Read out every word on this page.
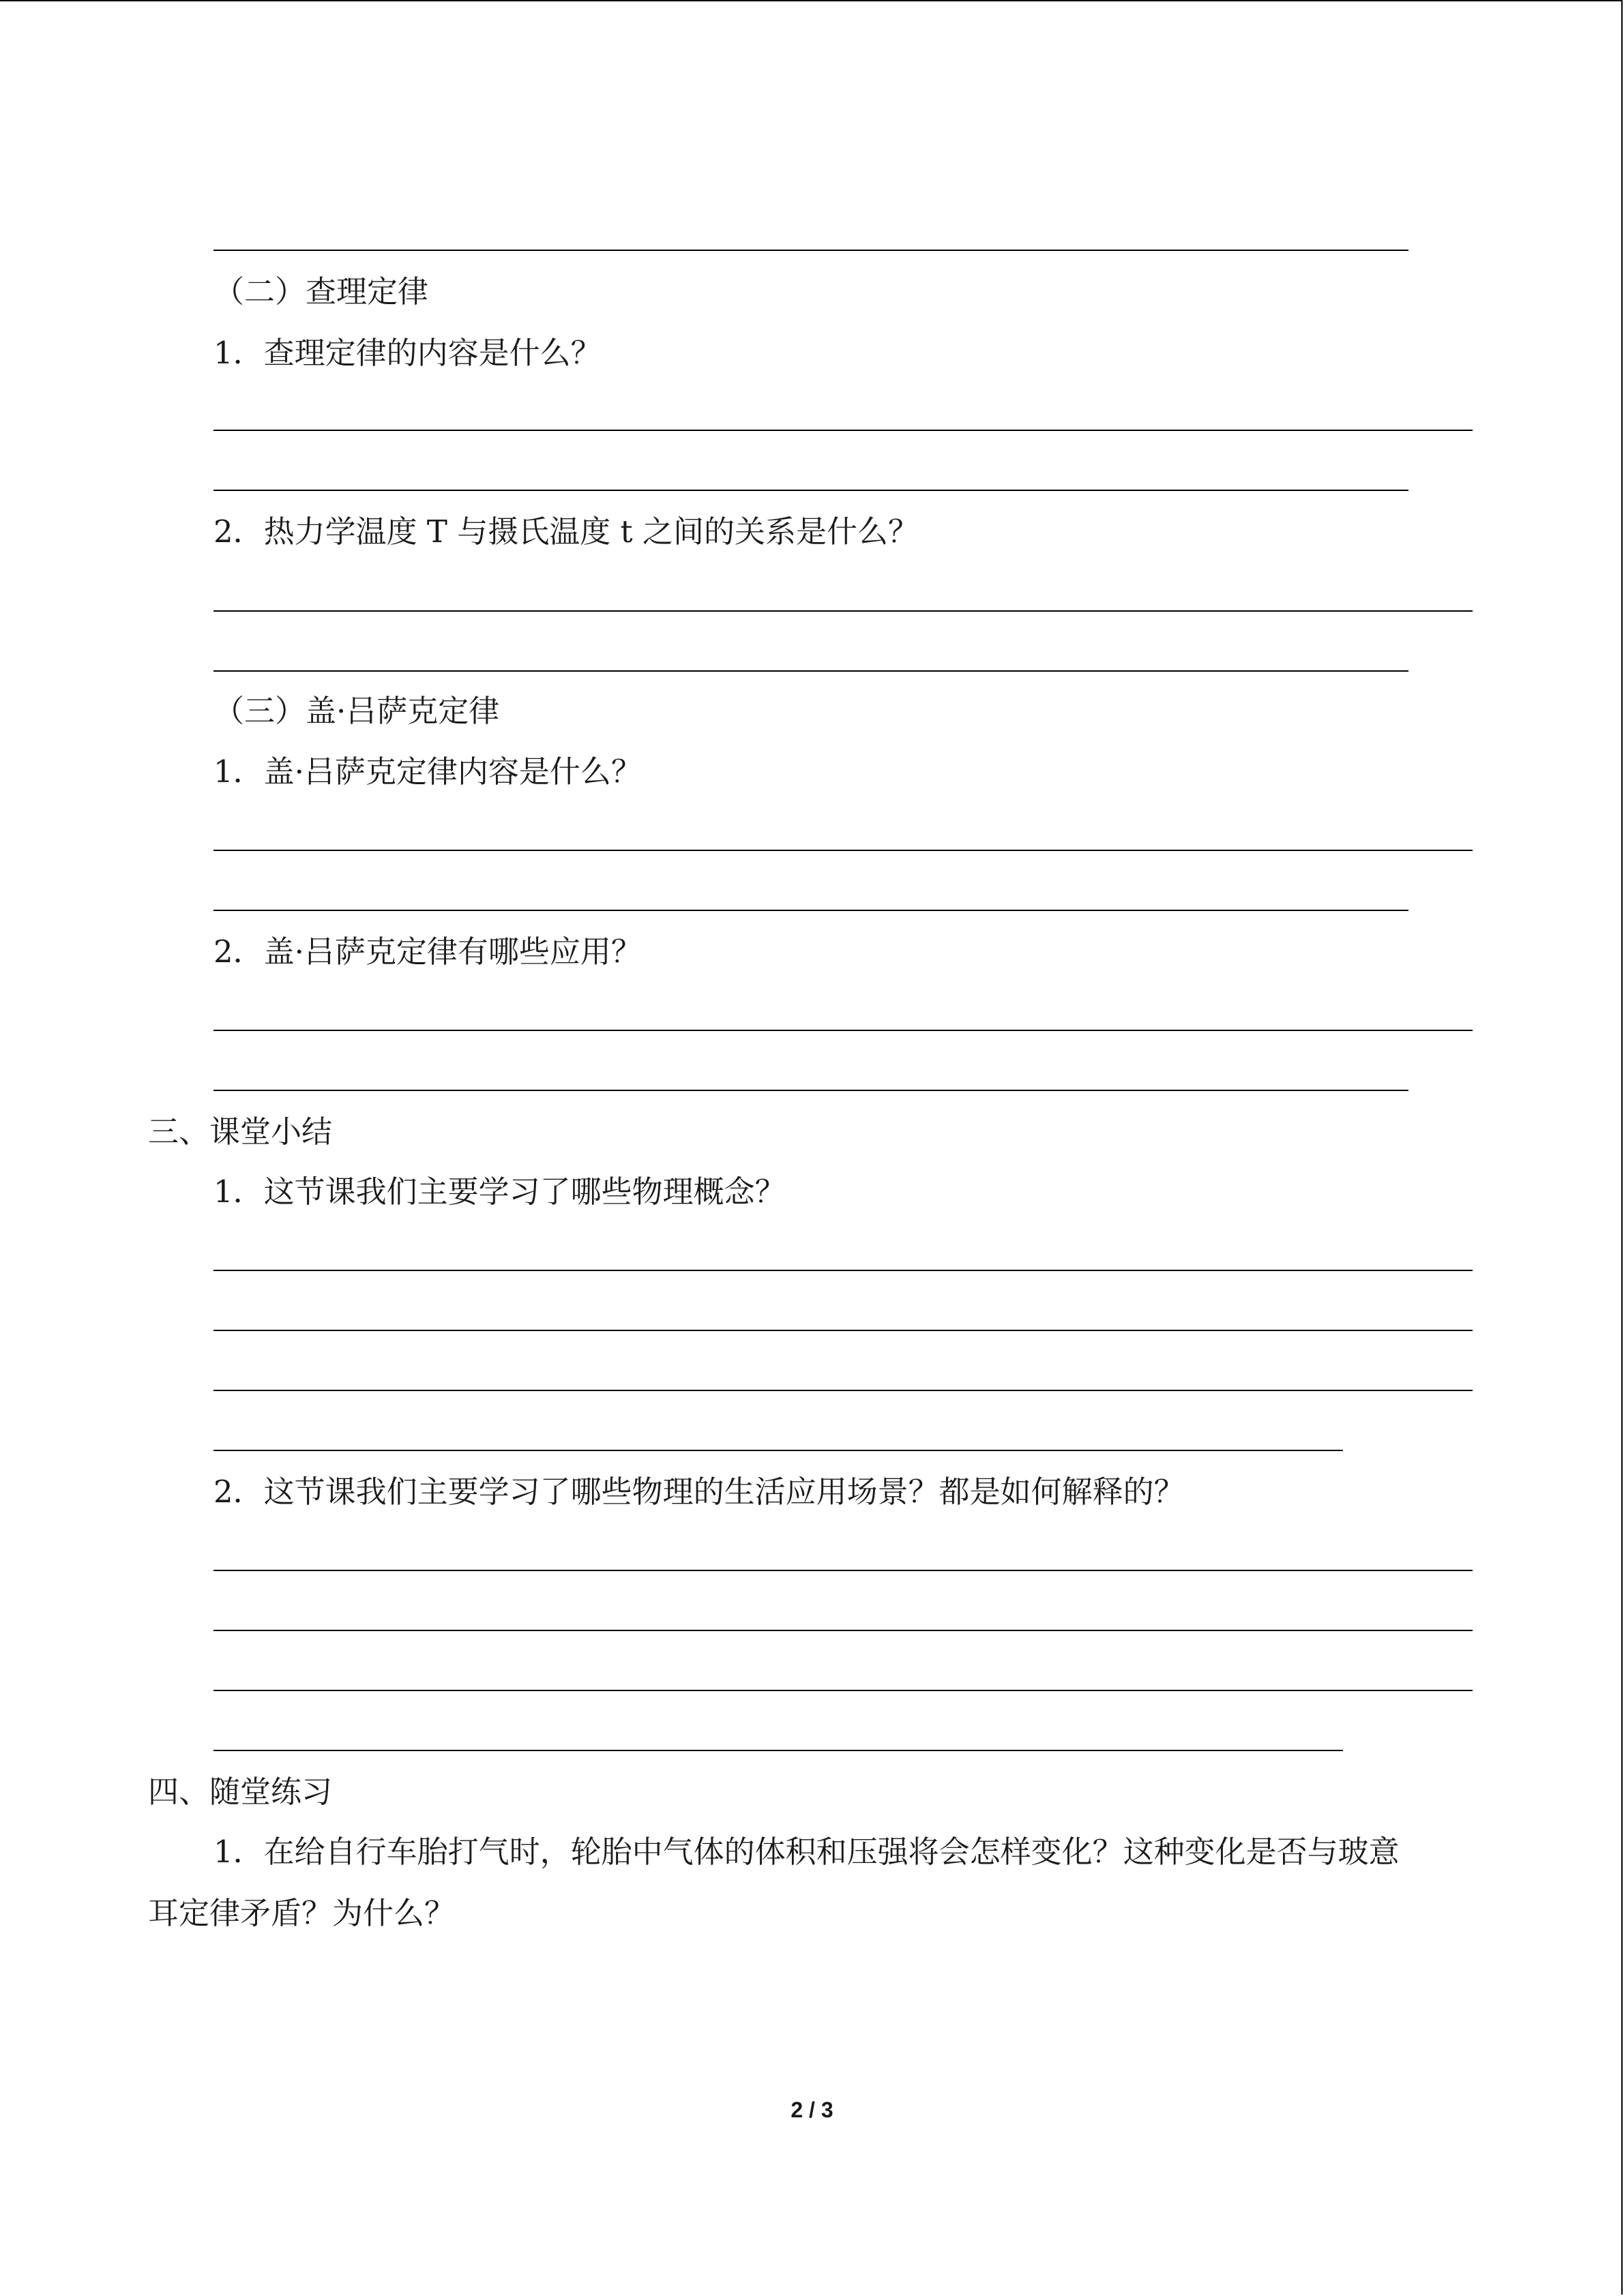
（二）查理定律
1．查理定律的内容是什么？
2．热力学温度 T 与摄氏温度 t 之间的关系是什么？
（三）盖·吕萨克定律
1．盖·吕萨克定律内容是什么？
2．盖·吕萨克定律有哪些应用？
三、课堂小结
1．这节课我们主要学习了哪些物理概念？
2．这节课我们主要学习了哪些物理的生活应用场景？都是如何解释的？
四、随堂练习
1．在给自行车胎打气时，轮胎中气体的体积和压强将会怎样变化？这种变化是否与玻意
耳定律矛盾？为什么？
2 / 3
